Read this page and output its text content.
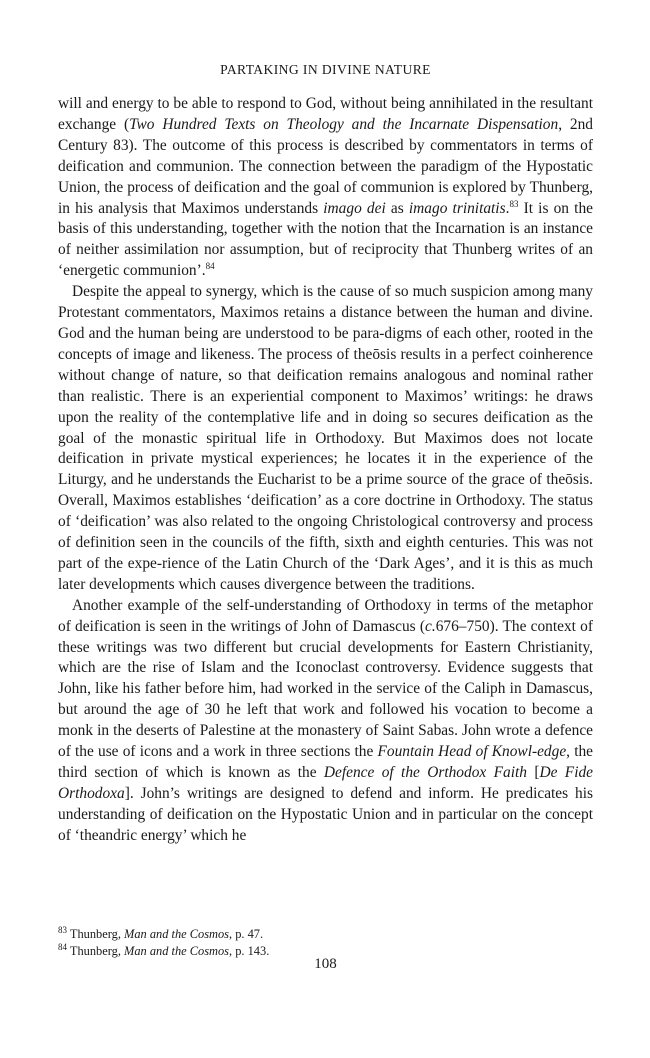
PARTAKING IN DIVINE NATURE

will and energy to be able to respond to God, without being annihilated in the resultant exchange (Two Hundred Texts on Theology and the Incarnate Dispensation, 2nd Century 83). The outcome of this process is described by commentators in terms of deification and communion. The connection between the paradigm of the Hypostatic Union, the process of deification and the goal of communion is explored by Thunberg, in his analysis that Maximos understands imago dei as imago trinitatis.$^{83}$ It is on the basis of this understanding, together with the notion that the Incarnation is an instance of neither assimilation nor assumption, but of reciprocity that Thunberg writes of an ‘energetic communion’.$^{84}$

Despite the appeal to synergy, which is the cause of so much suspicion among many Protestant commentators, Maximos retains a distance between the human and divine. God and the human being are understood to be para-digms of each other, rooted in the concepts of image and likeness. The process of theōsis results in a perfect coinherence without change of nature, so that deification remains analogous and nominal rather than realistic. There is an experiential component to Maximos’ writings: he draws upon the reality of the contemplative life and in doing so secures deification as the goal of the monastic spiritual life in Orthodoxy. But Maximos does not locate deification in private mystical experiences; he locates it in the experience of the Liturgy, and he understands the Eucharist to be a prime source of the grace of theōsis. Overall, Maximos establishes ‘deification’ as a core doctrine in Orthodoxy. The status of ‘deification’ was also related to the ongoing Christological controversy and process of definition seen in the councils of the fifth, sixth and eighth centuries. This was not part of the expe-rience of the Latin Church of the ‘Dark Ages’, and it is this as much later developments which causes divergence between the traditions.

Another example of the self-understanding of Orthodoxy in terms of the metaphor of deification is seen in the writings of John of Damascus (c.676–750). The context of these writings was two different but crucial developments for Eastern Christianity, which are the rise of Islam and the Iconoclast controversy. Evidence suggests that John, like his father before him, had worked in the service of the Caliph in Damascus, but around the age of 30 he left that work and followed his vocation to become a monk in the deserts of Palestine at the monastery of Saint Sabas. John wrote a defence of the use of icons and a work in three sections the Fountain Head of Knowl-edge, the third section of which is known as the Defence of the Orthodox Faith [De Fide Orthodoxa]. John’s writings are designed to defend and inform. He predicates his understanding of deification on the Hypostatic Union and in particular on the concept of ‘theandric energy’ which he

$^{83}$ Thunberg, Man and the Cosmos, p. 47.

$^{84}$ Thunberg, Man and the Cosmos, p. 143.

108
